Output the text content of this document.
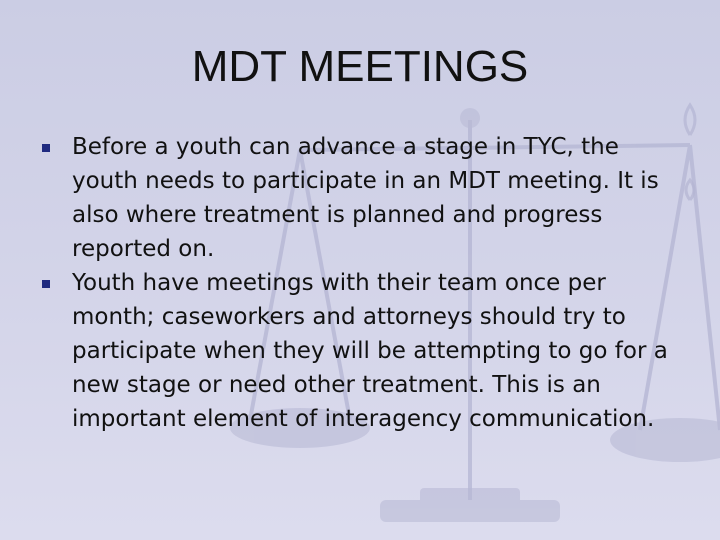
MDT MEETINGS
Before a youth can advance a stage in TYC, the youth needs to participate in an MDT meeting. It is also where treatment is planned and progress reported on.
Youth have meetings with their team once per month; caseworkers and attorneys should try to participate when they will be attempting to go for a new stage or need other treatment. This is an important element of interagency communication.
